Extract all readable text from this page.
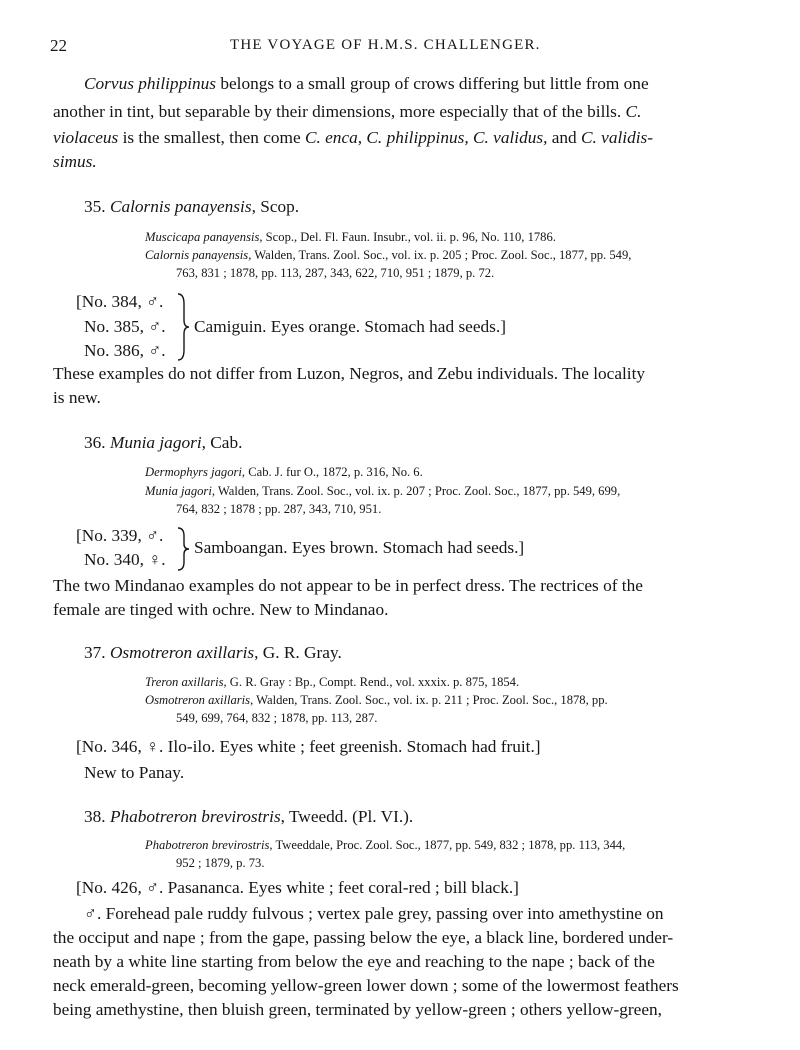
22	THE VOYAGE OF H.M.S. CHALLENGER.
Corvus philippinus belongs to a small group of crows differing but little from one
another in tint, but separable by their dimensions, more especially that of the bills. C.
violaceus is the smallest, then come C. enca, C. philippinus, C. validus, and C. validis-
simus.
35. Calornis panayensis, Scop.
Muscicapa panayensis, Scop., Del. Fl. Faun. Insubr., vol. ii. p. 96, No. 110, 1786.
Calornis panayensis, Walden, Trans. Zool. Soc., vol. ix. p. 205 ; Proc. Zool. Soc., 1877, pp. 549,
763, 831 ; 1878, pp. 113, 287, 343, 622, 710, 951 ; 1879, p. 72.
[No. 384, ♂.
No. 385, ♂.
No. 386, ♂.
Camiguin. Eyes orange. Stomach had seeds.]
These examples do not differ from Luzon, Negros, and Zebu individuals. The locality
is new.
36. Munia jagori, Cab.
Dermophyrs jagori, Cab. J. fur O., 1872, p. 316, No. 6.
Munia jagori, Walden, Trans. Zool. Soc., vol. ix. p. 207 ; Proc. Zool. Soc., 1877, pp. 549, 699,
764, 832 ; 1878 ; pp. 287, 343, 710, 951.
[No. 339, ♂.
No. 340, ♀.
Samboangan. Eyes brown. Stomach had seeds.]
The two Mindanao examples do not appear to be in perfect dress. The rectrices of the
female are tinged with ochre. New to Mindanao.
37. Osmotreron axillaris, G. R. Gray.
Treron axillaris, G. R. Gray : Bp., Compt. Rend., vol. xxxix. p. 875, 1854.
Osmotreron axillaris, Walden, Trans. Zool. Soc., vol. ix. p. 211 ; Proc. Zool. Soc., 1878, pp.
549, 699, 764, 832 ; 1878, pp. 113, 287.
[No. 346, ♀. Ilo-ilo. Eyes white ; feet greenish. Stomach had fruit.]
New to Panay.
38. Phabotreron brevirostris, Tweedd. (Pl. VI.).
Phabotreron brevirostris, Tweeddale, Proc. Zool. Soc., 1877, pp. 549, 832 ; 1878, pp. 113, 344,
952 ; 1879, p. 73.
[No. 426, ♂. Pasananca. Eyes white ; feet coral-red ; bill black.]
♂. Forehead pale ruddy fulvous ; vertex pale grey, passing over into amethystine on
the occiput and nape ; from the gape, passing below the eye, a black line, bordered under-
neath by a white line starting from below the eye and reaching to the nape ; back of the
neck emerald-green, becoming yellow-green lower down ; some of the lowermost feathers
being amethystine, then bluish green, terminated by yellow-green ; others yellow-green,
